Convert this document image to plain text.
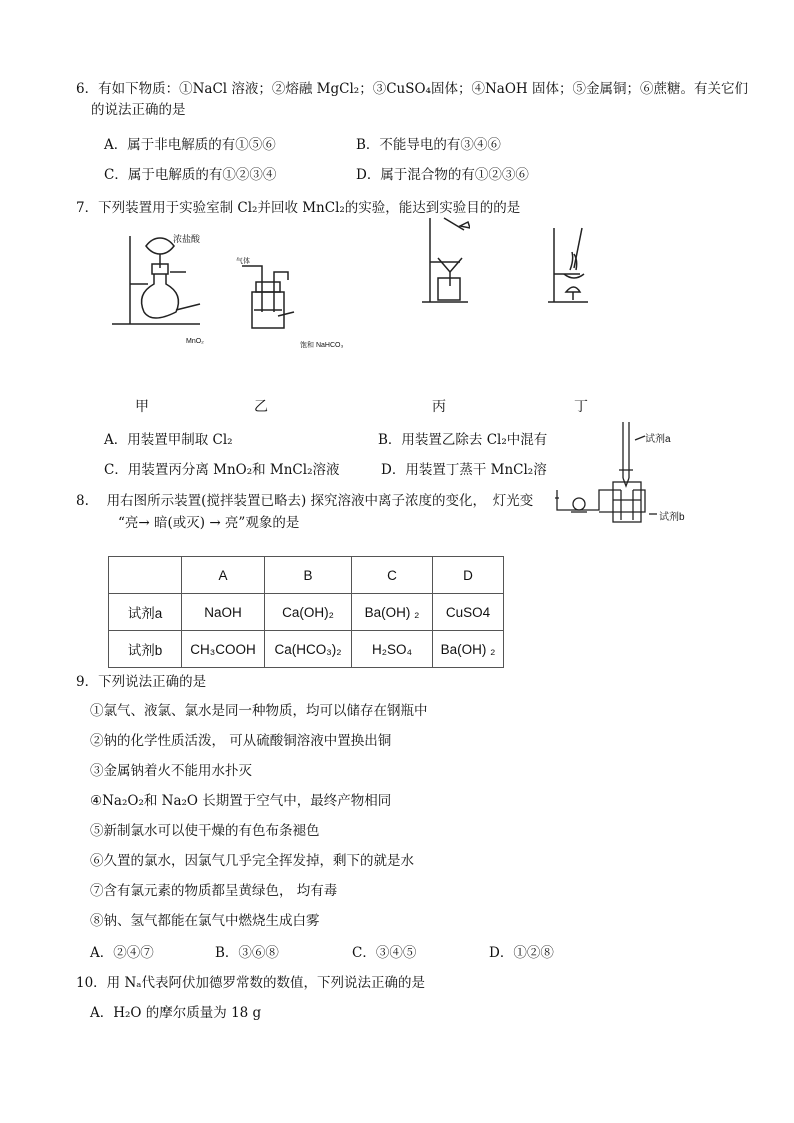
6．有如下物质：①NaCl 溶液；②熔融 MgCl₂；③CuSO₄固体；④NaOH 固体；⑤金属铜；⑥蔗糖。有关它们
的说法正确的是
A．属于非电解质的有①⑤⑥	B．不能导电的有③④⑥
C．属于电解质的有①②③④	D．属于混合物的有①②③⑥
7．下列装置用于实验室制 Cl₂并回收 MnCl₂的实验，能达到实验目的的是
浓盐酸
MnO₂
气体
饱和 NaHCO₃
甲	乙	丙	丁
A．用装置甲制取 Cl₂	B．用装置乙除去 Cl₂中混有
C．用装置丙分离 MnO₂和 MnCl₂溶液	D．用装置丁蒸干 MnCl₂溶
试剂a
试剂b
8.　 用右图所示装置(搅拌装置已略去) 探究溶液中离子浓度的变化，　灯光变
“亮→ 暗(或灭) → 亮”观象的是
	A	B	C	D
试剂a	NaOH	Ca(OH)₂	Ba(OH) ₂	CuSO4
试剂b	CH₃COOH	Ca(HCO₃)₂	H₂SO₄	Ba(OH) ₂
9．下列说法正确的是
①氯气、液氯、氯水是同一种物质，均可以储存在钢瓶中
②钠的化学性质活泼， 可从硫酸铜溶液中置换出铜
③金属钠着火不能用水扑灭
④Na₂O₂和 Na₂O 长期置于空气中，最终产物相同
⑤新制氯水可以使干燥的有色布条褪色
⑥久置的氯水，因氯气几乎完全挥发掉，剩下的就是水
⑦含有氯元素的物质都呈黄绿色， 均有毒
⑧钠、氢气都能在氯气中燃烧生成白雾
A．②④⑦	B．③⑥⑧	C．③④⑤	D．①②⑧
10．用 Nₐ代表阿伏加德罗常数的数值，下列说法正确的是
A．H₂O 的摩尔质量为 18 g
